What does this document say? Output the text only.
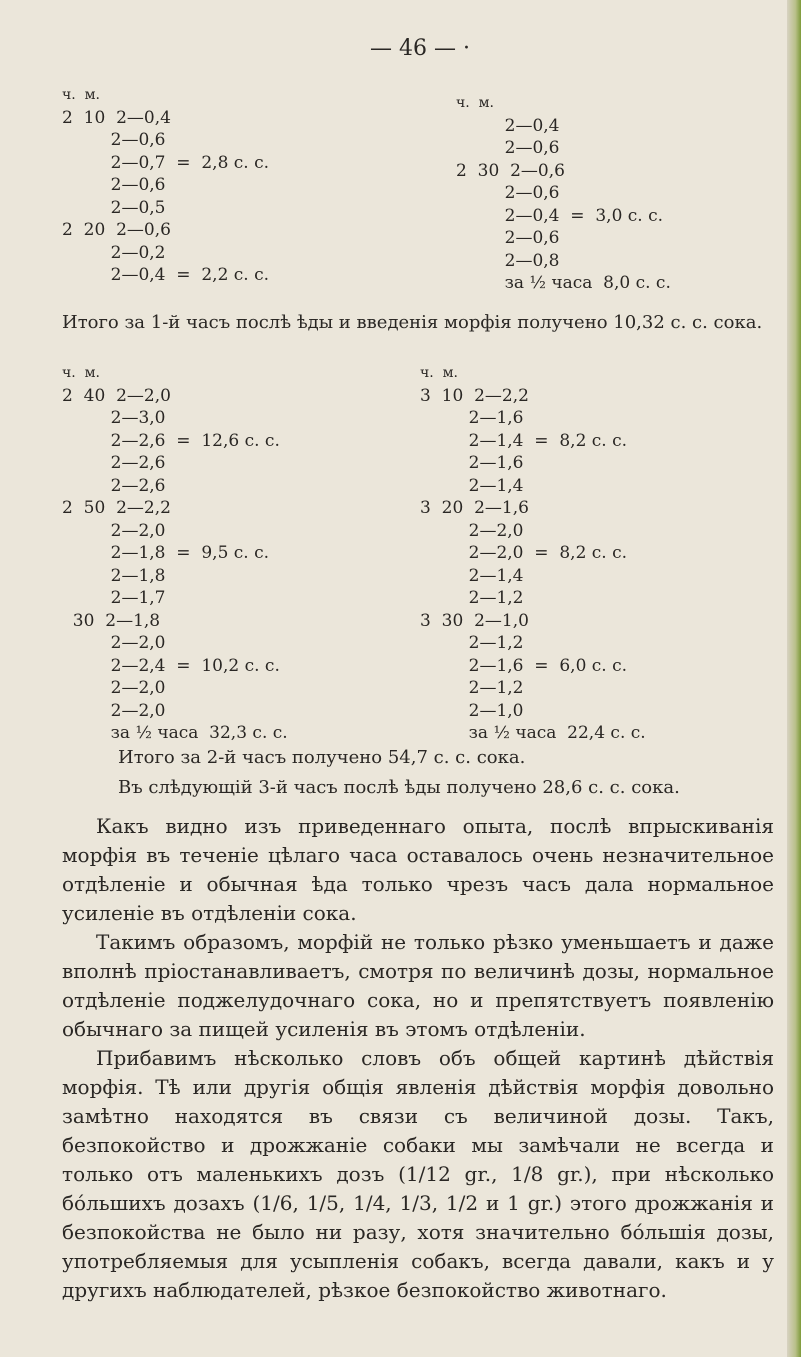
— 46 — ·
ч.  м.
2  10  2—0,4
2—0,6
2—0,7  =  2,8 с. с.
2—0,6
2—0,5
2  20  2—0,6
2—0,2
2—0,4  =  2,2 с. с.
ч.  м.
2—0,4
2—0,6
2  30  2—0,6
2—0,6
2—0,4  =  3,0 с. с.
2—0,6
2—0,8
за ½ часа  8,0 с. с.
Итого за 1-й часъ послѣ ѣды и введенія морфія получено 10,32 с. с. сока.
ч.  м.
2  40  2—2,0
2—3,0
2—2,6  =  12,6 с. с.
2—2,6
2—2,6
2  50  2—2,2
2—2,0
2—1,8  =  9,5 с. с.
2—1,8
2—1,7
30  2—1,8
2—2,0
2—2,4  =  10,2 с. с.
2—2,0
2—2,0
за ½ часа  32,3 с. с.
ч.  м.
3  10  2—2,2
2—1,6
2—1,4  =  8,2 с. с.
2—1,6
2—1,4
3  20  2—1,6
2—2,0
2—2,0  =  8,2 с. с.
2—1,4
2—1,2
3  30  2—1,0
2—1,2
2—1,6  =  6,0 с. с.
2—1,2
2—1,0
за ½ часа  22,4 с. с.
Итого за 2-й часъ получено 54,7 с. с. сока.
Въ слѣдующій 3-й часъ послѣ ѣды получено 28,6 с. с. сока.

Какъ видно изъ приведеннаго опыта, послѣ впрыскиванія морфія въ теченіе цѣлаго часа оставалось очень незначительное отдѣленіе и обычная ѣда только чрезъ часъ дала нормальное усиленіе въ отдѣленіи сока.

Такимъ образомъ, морфій не только рѣзко уменьшаетъ и даже вполнѣ пріостанавливаетъ, смотря по величинѣ дозы, нормальное отдѣленіе поджелудочнаго сока, но и препятствуетъ появленію обычнаго за пищей усиленія въ этомъ отдѣленіи.

Прибавимъ нѣсколько словъ объ общей картинѣ дѣйствія морфія. Тѣ или другія общія явленія дѣйствія морфія довольно замѣтно находятся въ связи съ величиной дозы. Такъ, безпокойство и дрожжаніе собаки мы замѣчали не всегда и только отъ маленькихъ дозъ (1/12 gr., 1/8 gr.), при нѣсколько бо́льшихъ дозахъ (1/6, 1/5, 1/4, 1/3, 1/2 и 1 gr.) этого дрожжанія и безпокойства не было ни разу, хотя значительно бо́льшія дозы, употребляемыя для усыпленія собакъ, всегда давали, какъ и у другихъ наблюдателей, рѣзкое безпокойство животнаго.
